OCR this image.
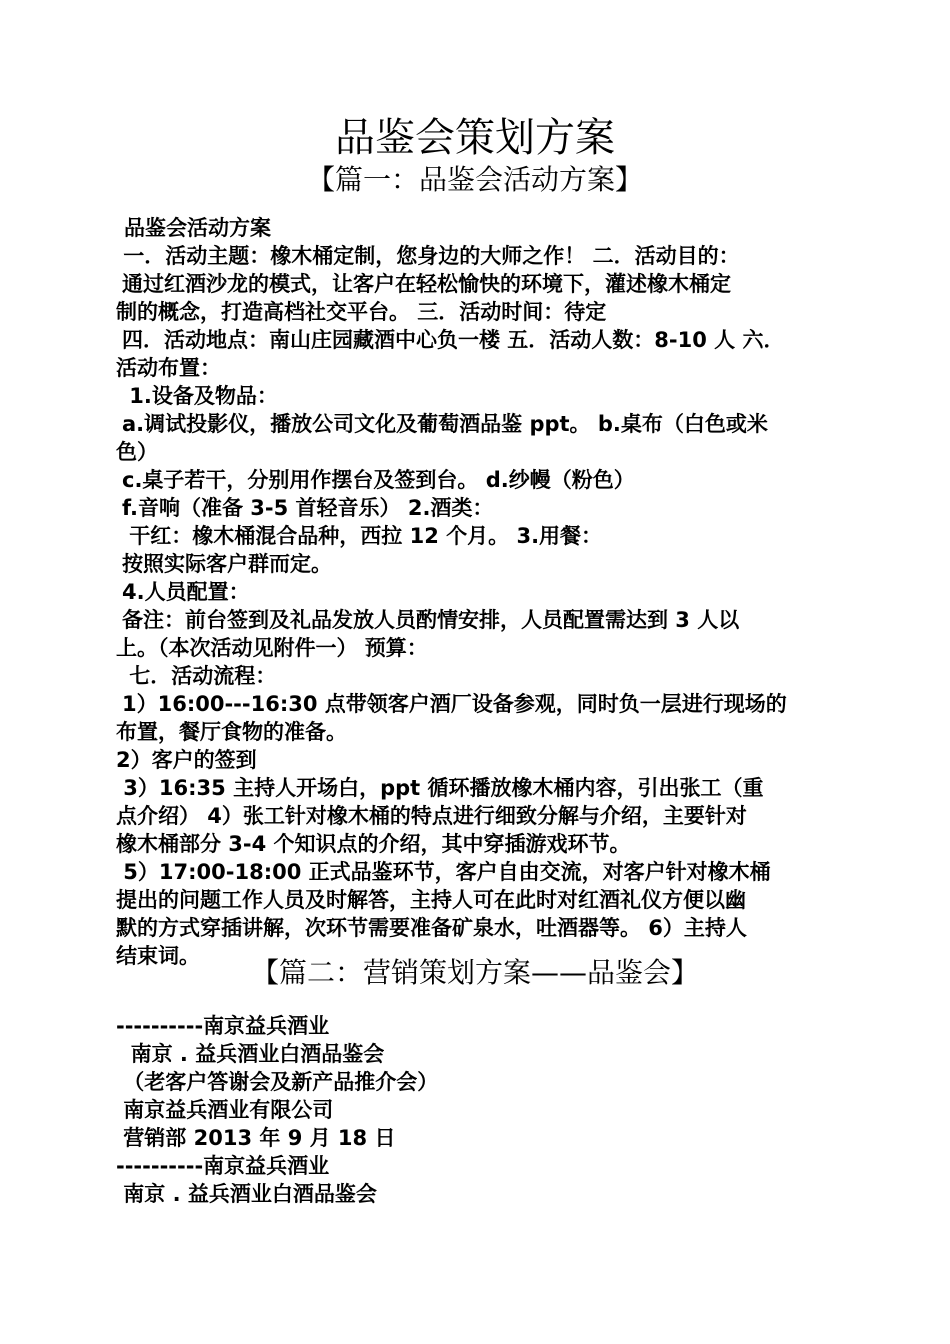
品鉴会策划方案
【篇一：品鉴会活动方案】
品鉴会活动方案
一．活动主题：橡木桶定制，您身边的大师之作！ 二．活动目的：
通过红酒沙龙的模式，让客户在轻松愉快的环境下，灌述橡木桶定
制的概念，打造高档社交平台。 三．活动时间：待定
四．活动地点：南山庄园藏酒中心负一楼 五．活动人数：8-10 人 六．
活动布置：
1.设备及物品：
a.调试投影仪，播放公司文化及葡萄酒品鉴 ppt。 b.桌布（白色或米
色）
c.桌子若干，分别用作摆台及签到台。 d.纱幔（粉色）
f.音响（准备 3-5 首轻音乐） 2.酒类：
干红：橡木桶混合品种，西拉 12 个月。 3.用餐：
按照实际客户群而定。
4.人员配置：
备注：前台签到及礼品发放人员酌情安排，人员配置需达到 3 人以
上。（本次活动见附件一） 预算：
七．活动流程：
1）16:00---16:30 点带领客户酒厂设备参观，同时负一层进行现场的
布置，餐厅食物的准备。
2）客户的签到
3）16:35 主持人开场白，ppt 循环播放橡木桶内容，引出张工（重
点介绍） 4）张工针对橡木桶的特点进行细致分解与介绍，主要针对
橡木桶部分 3-4 个知识点的介绍，其中穿插游戏环节。
5）17:00-18:00 正式品鉴环节，客户自由交流，对客户针对橡木桶
提出的问题工作人员及时解答，主持人可在此时对红酒礼仪方便以幽
默的方式穿插讲解，次环节需要准备矿泉水，吐酒器等。 6）主持人
结束词。	【篇二：营销策划方案——品鉴会】
----------南京益兵酒业
南京 . 益兵酒业白酒品鉴会
（老客户答谢会及新产品推介会）
南京益兵酒业有限公司
营销部 2013 年 9 月 18 日
----------南京益兵酒业
南京 . 益兵酒业白酒品鉴会
